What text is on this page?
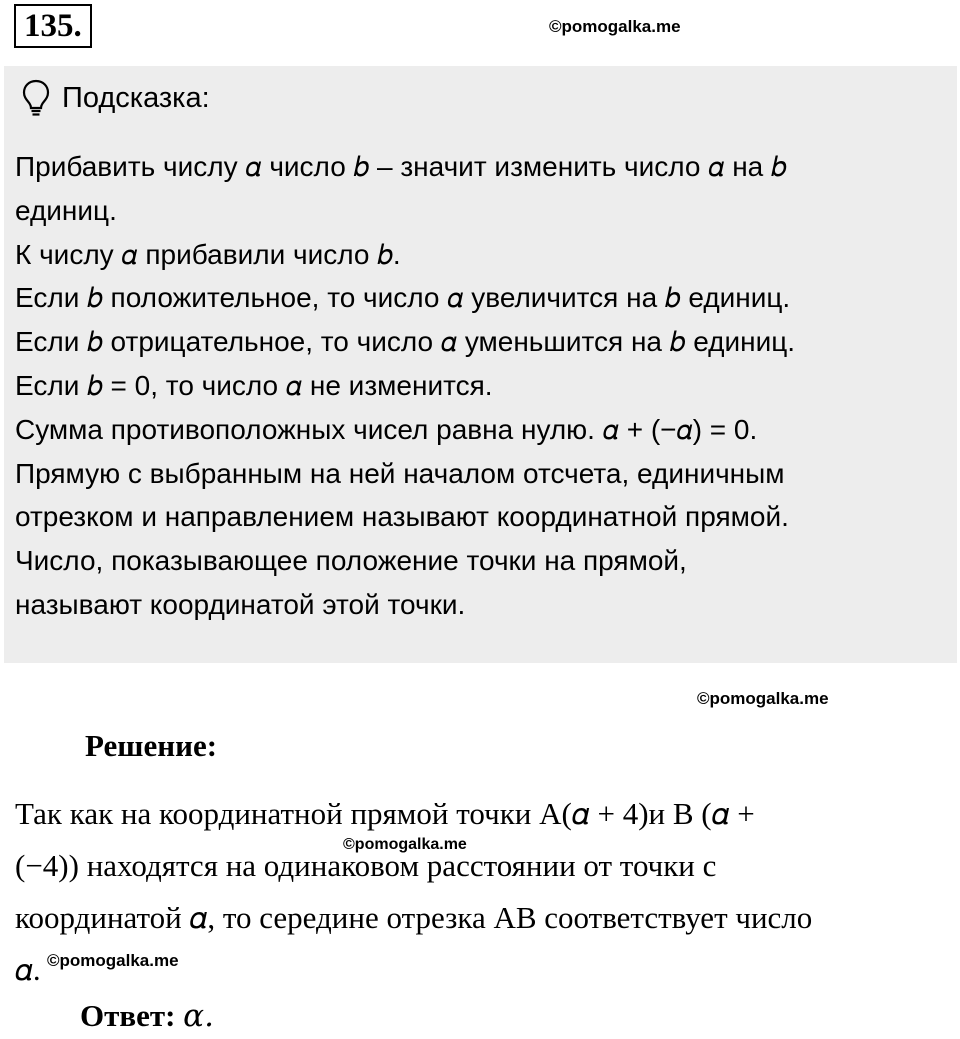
135.	©pomogalka.me
Подсказка:
Прибавить числу 𝛼 число 𝑏 – значит изменить число 𝛼 на 𝑏
единиц.
К числу 𝛼 прибавили число 𝑏.
Если 𝑏 положительное, то число 𝛼 увеличится на 𝑏 единиц.
Если 𝑏 отрицательное, то число 𝛼 уменьшится на 𝑏 единиц.
Если 𝑏 = 0, то число 𝛼 не изменится.
Сумма противоположных чисел равна нулю. 𝛼 + (−𝛼) = 0.
Прямую с выбранным на ней началом отсчета, единичным
отрезком и направлением называют координатной прямой.
Число, показывающее положение точки на прямой,
называют координатой этой точки.
©pomogalka.me
Решение:
Так как на координатной прямой точки A(𝛼 + 4)и B (𝛼 +
(−4)) находятся на одинаковом расстоянии от точки с
координатой 𝛼, то середине отрезка AB соответствует число
𝛼.
©pomogalka.me
©pomogalka.me
Ответ: 𝛼.
